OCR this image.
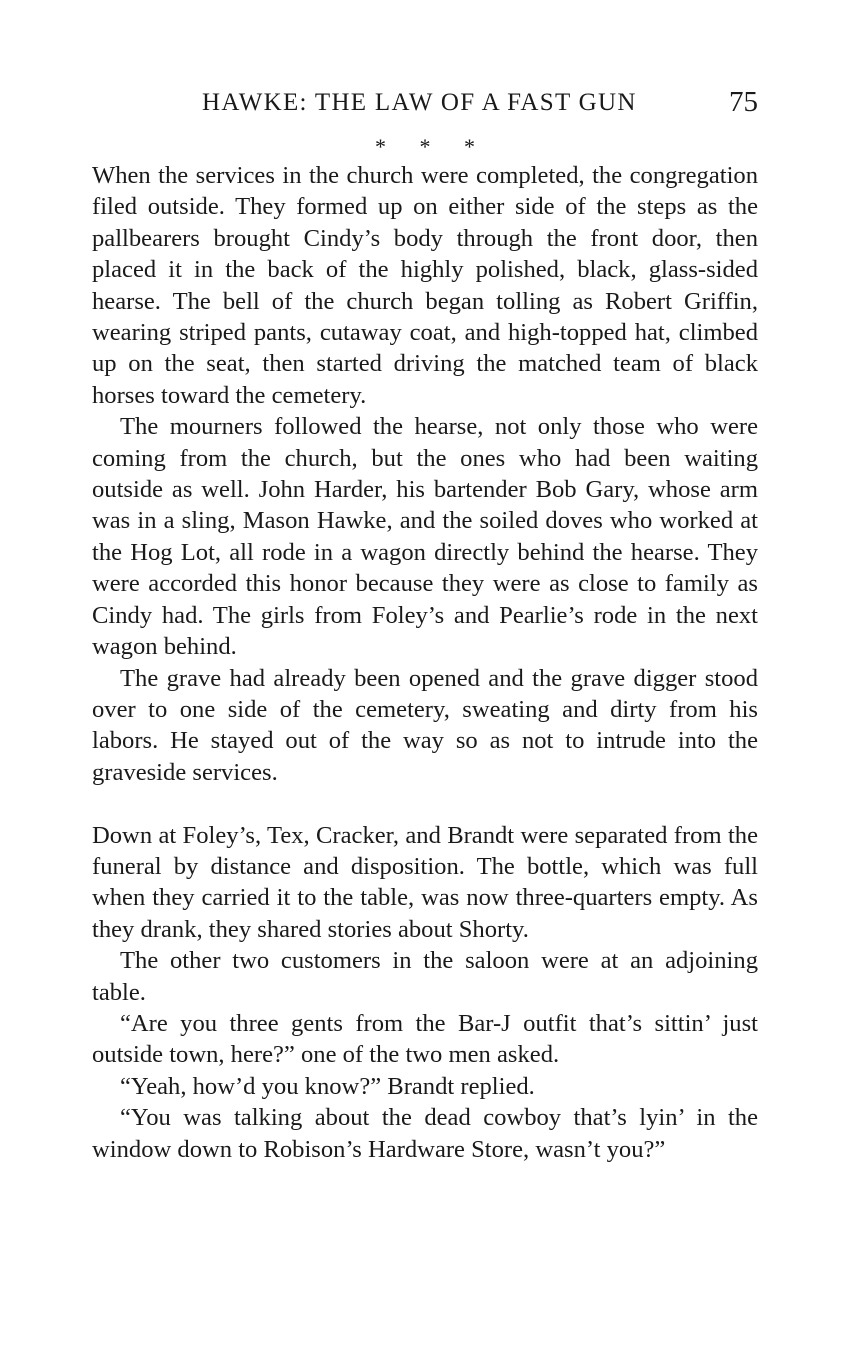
HAWKE: THE LAW OF A FAST GUN	75
* * *

When the services in the church were completed, the congregation filed outside. They formed up on either side of the steps as the pallbearers brought Cindy’s body through the front door, then placed it in the back of the highly polished, black, glass-sided hearse. The bell of the church began tolling as Robert Griffin, wearing striped pants, cutaway coat, and high-topped hat, climbed up on the seat, then started driving the matched team of black horses toward the cemetery.

The mourners followed the hearse, not only those who were coming from the church, but the ones who had been waiting outside as well. John Harder, his bartender Bob Gary, whose arm was in a sling, Mason Hawke, and the soiled doves who worked at the Hog Lot, all rode in a wagon directly behind the hearse. They were accorded this honor because they were as close to family as Cindy had. The girls from Foley’s and Pearlie’s rode in the next wagon behind.

The grave had already been opened and the grave digger stood over to one side of the cemetery, sweating and dirty from his labors. He stayed out of the way so as not to intrude into the graveside services.

Down at Foley’s, Tex, Cracker, and Brandt were separated from the funeral by distance and disposition. The bottle, which was full when they carried it to the table, was now three-quarters empty. As they drank, they shared stories about Shorty.

The other two customers in the saloon were at an adjoining table.

“Are you three gents from the Bar-J outfit that’s sittin’ just outside town, here?” one of the two men asked.

“Yeah, how’d you know?” Brandt replied.

“You was talking about the dead cowboy that’s lyin’ in the window down to Robison’s Hardware Store, wasn’t you?”
